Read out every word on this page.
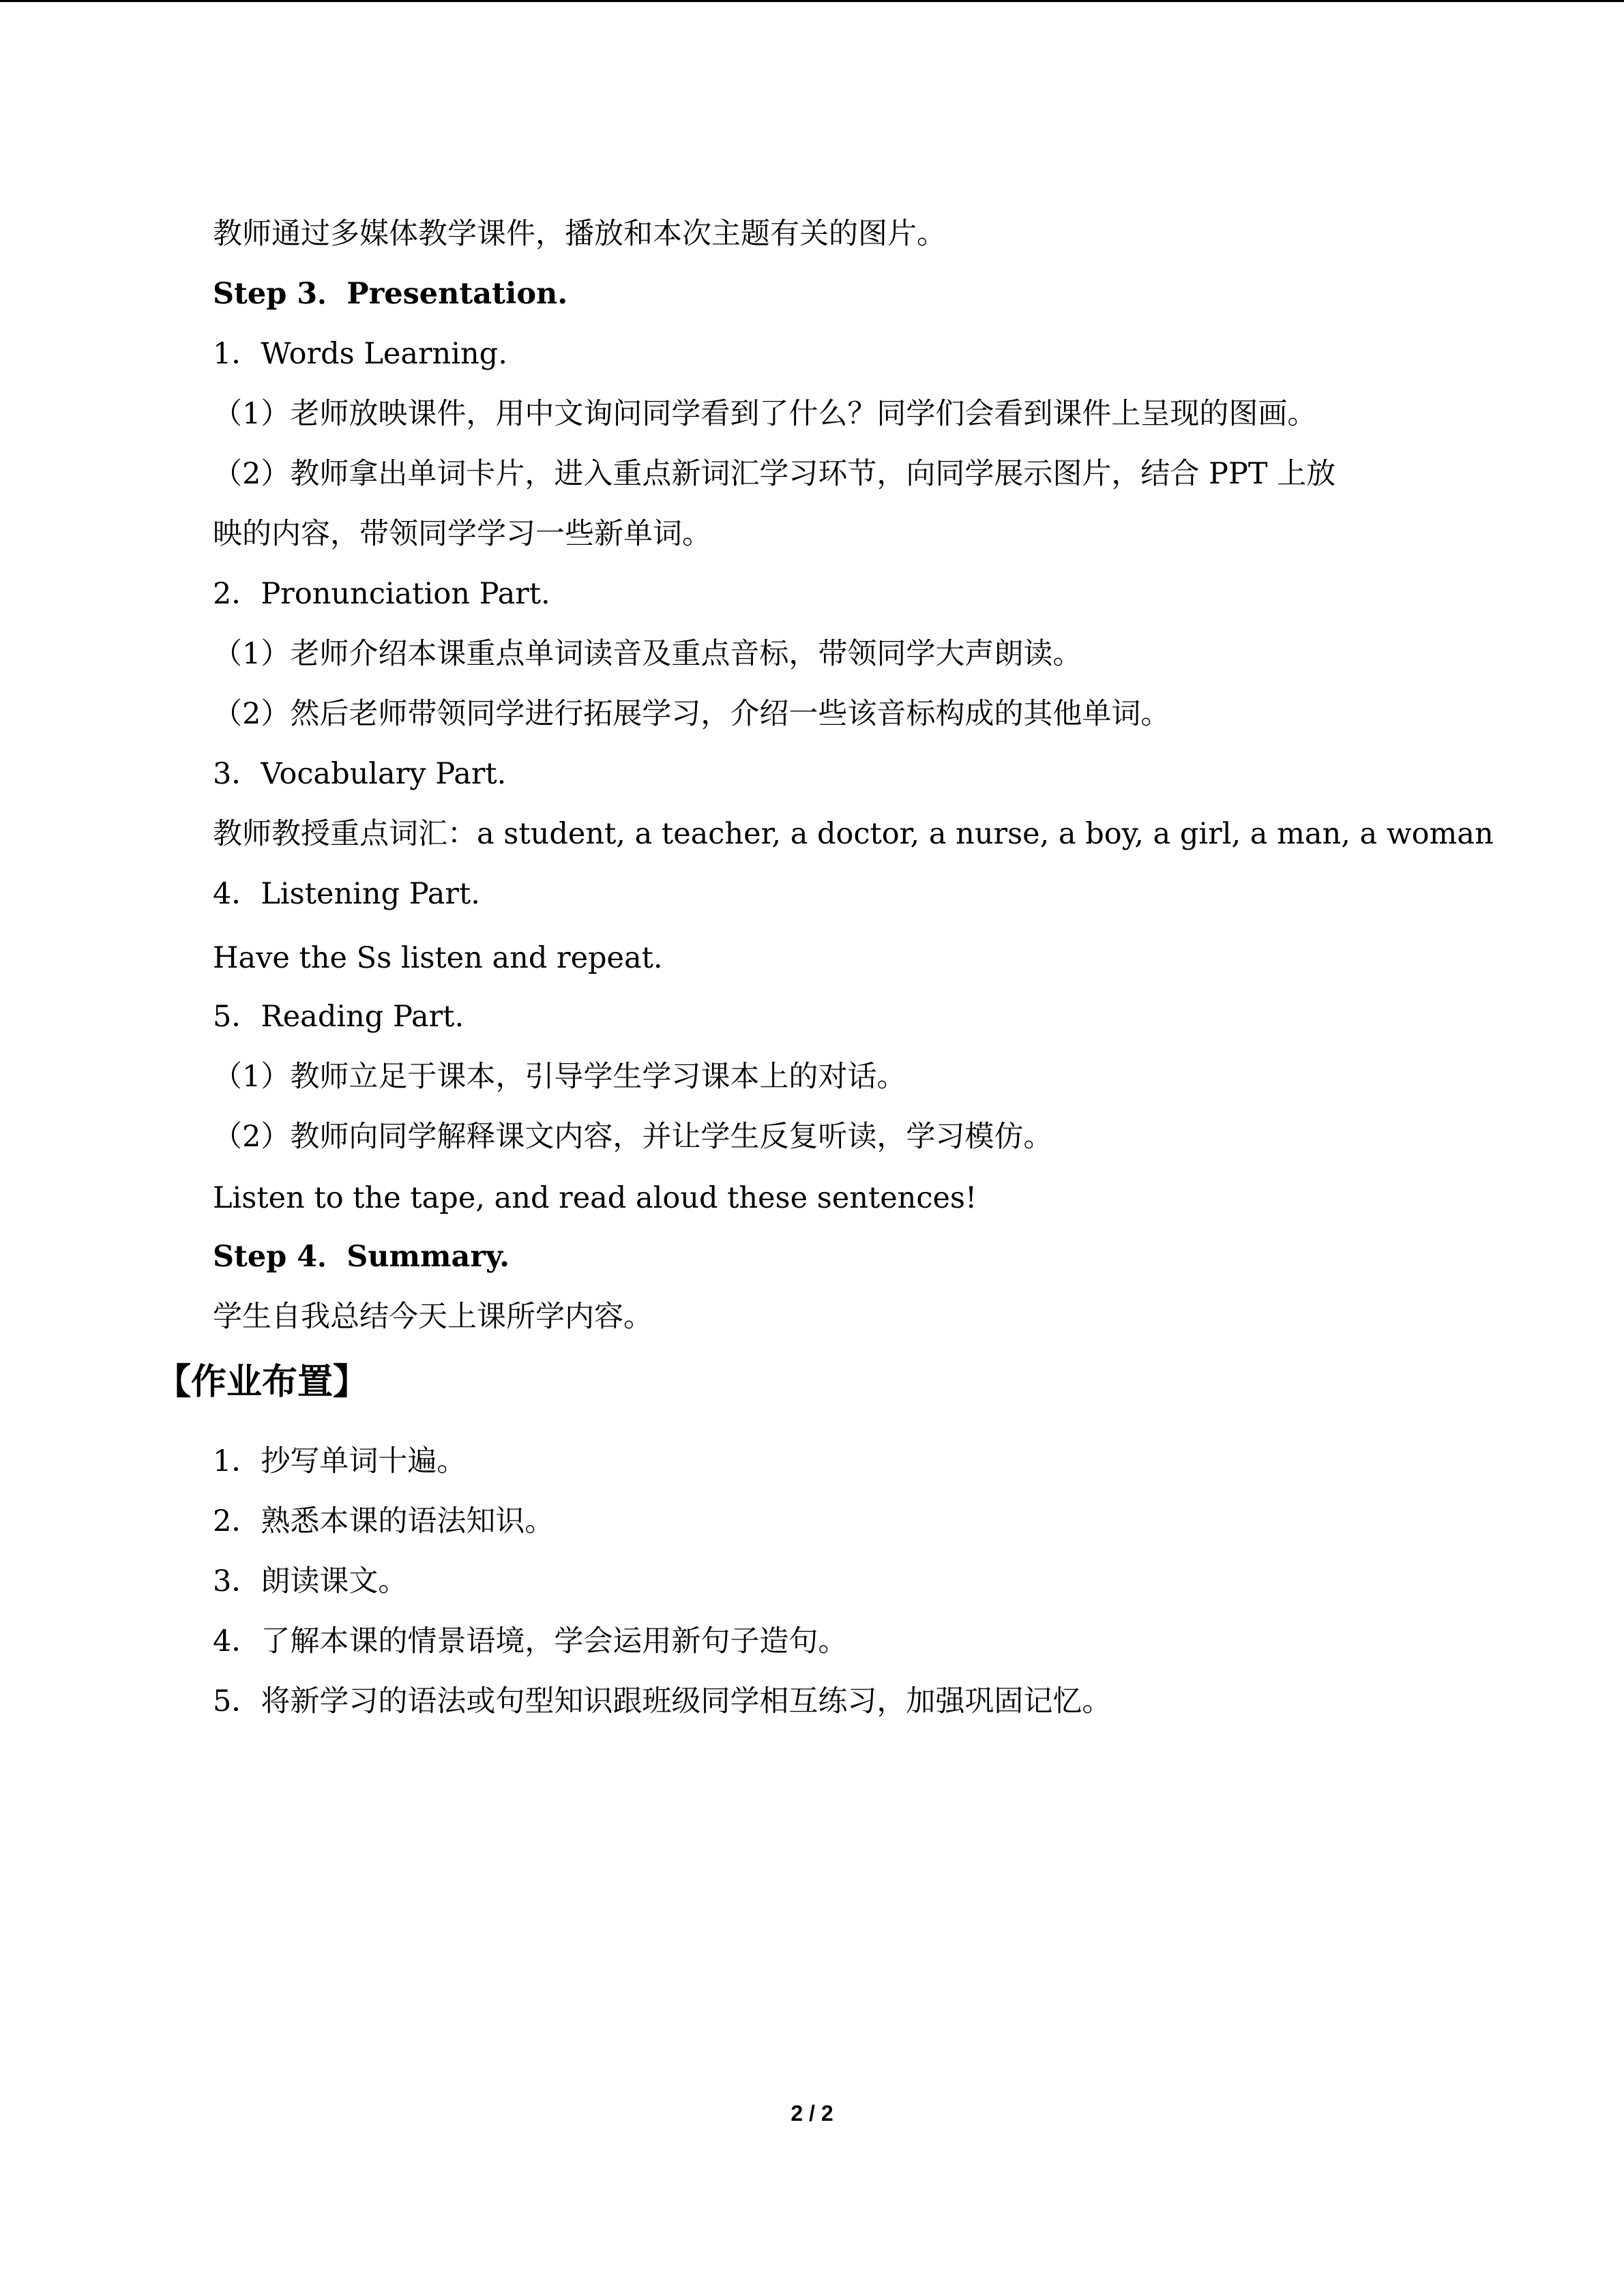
教师通过多媒体教学课件，播放和本次主题有关的图片。
Step 3．Presentation.
1．Words Learning.
（1）老师放映课件，用中文询问同学看到了什么？同学们会看到课件上呈现的图画。
（2）教师拿出单词卡片，进入重点新词汇学习环节，向同学展示图片，结合 PPT 上放
映的内容，带领同学学习一些新单词。
2．Pronunciation Part.
（1）老师介绍本课重点单词读音及重点音标，带领同学大声朗读。
（2）然后老师带领同学进行拓展学习，介绍一些该音标构成的其他单词。
3．Vocabulary Part.
教师教授重点词汇：a student, a teacher, a doctor, a nurse, a boy, a girl, a man, a woman
4．Listening Part.
Have the Ss listen and repeat.
5．Reading Part.
（1）教师立足于课本，引导学生学习课本上的对话。
（2）教师向同学解释课文内容，并让学生反复听读，学习模仿。
Listen to the tape, and read aloud these sentences!
Step 4．Summary.
学生自我总结今天上课所学内容。
【作业布置】
1．抄写单词十遍。
2．熟悉本课的语法知识。
3．朗读课文。
4．了解本课的情景语境，学会运用新句子造句。
5．将新学习的语法或句型知识跟班级同学相互练习，加强巩固记忆。
2 / 2
